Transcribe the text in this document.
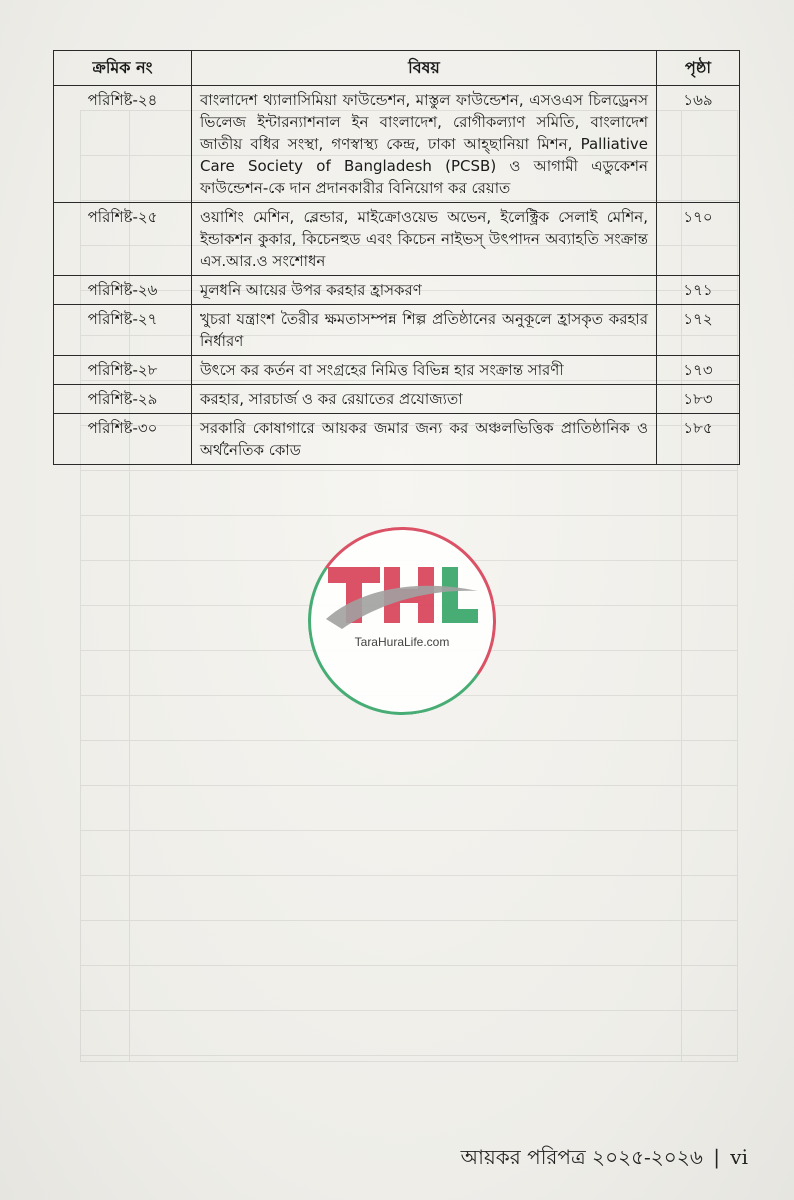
ক্রমিক নং	বিষয়	পৃষ্ঠা
পরিশিষ্ট-২৪	বাংলাদেশ থ্যালাসিমিয়া ফাউন্ডেশন, মাস্তুল ফাউন্ডেশন, এসওএস চিলড্রেনস ভিলেজ ইন্টারন্যাশনাল ইন বাংলাদেশ, রোগীকল্যাণ সমিতি, বাংলাদেশ জাতীয় বধির সংস্থা, গণস্বাস্থ্য কেন্দ্র, ঢাকা আহ্‌ছানিয়া মিশন, Palliative Care Society of Bangladesh (PCSB) ও আগামী এডুকেশন ফাউন্ডেশন-কে দান প্রদানকারীর বিনিয়োগ কর রেয়াত	১৬৯
পরিশিষ্ট-২৫	ওয়াশিং মেশিন, ব্লেন্ডার, মাইক্রোওয়েভ অভেন, ইলেক্ট্রিক সেলাই মেশিন, ইন্ডাকশন কুকার, কিচেনহুড এবং কিচেন নাইভস্ উৎপাদন অব্যাহতি সংক্রান্ত এস.আর.ও সংশোধন	১৭০
পরিশিষ্ট-২৬	মূলধনি আয়ের উপর করহার হ্রাসকরণ	১৭১
পরিশিষ্ট-২৭	খুচরা যন্ত্রাংশ তৈরীর ক্ষমতাসম্পন্ন শিল্প প্রতিষ্ঠানের অনুকূলে হ্রাসকৃত করহার নির্ধারণ	১৭২
পরিশিষ্ট-২৮	উৎসে কর কর্তন বা সংগ্রহের নিমিত্ত বিভিন্ন হার সংক্রান্ত সারণী	১৭৩
পরিশিষ্ট-২৯	করহার, সারচার্জ ও কর রেয়াতের প্রযোজ্যতা	১৮৩
পরিশিষ্ট-৩০	সরকারি কোষাগারে আয়কর জমার জন্য কর অঞ্চলভিত্তিক প্রাতিষ্ঠানিক ও অর্থনৈতিক কোড	১৮৫
TaraHuraLife.com
আয়কর পরিপত্র ২০২৫-২০২৬ | vi
